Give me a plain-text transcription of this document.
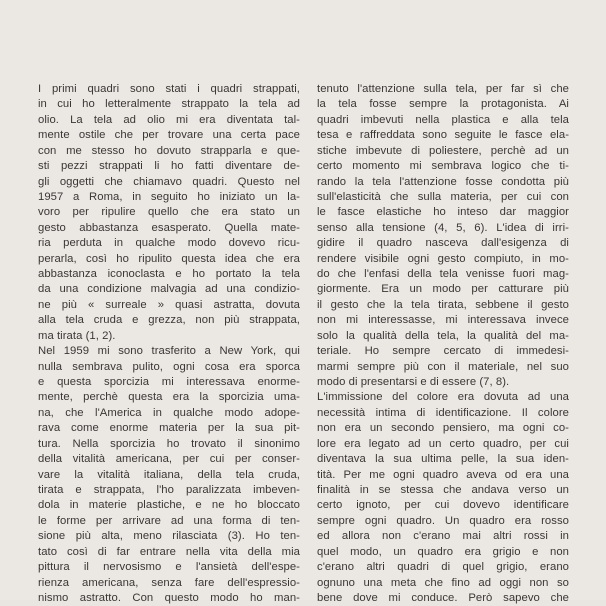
I primi quadri sono stati i quadri strappati,
in cui ho letteralmente strappato la tela ad
olio. La tela ad olio mi era diventata tal-
mente ostile che per trovare una certa pace
con me stesso ho dovuto strapparla e que-
sti pezzi strappati li ho fatti diventare de-
gli oggetti che chiamavo quadri. Questo nel
1957 a Roma, in seguito ho iniziato un la-
voro per ripulire quello che era stato un
gesto abbastanza esasperato. Quella mate-
ria perduta in qualche modo dovevo ricu-
perarla, così ho ripulito questa idea che era
abbastanza iconoclasta e ho portato la tela
da una condizione malvagia ad una condizio-
ne più « surreale » quasi astratta, dovuta
alla tela cruda e grezza, non più strappata,
ma tirata (1, 2).
Nel 1959 mi sono trasferito a New York, qui
nulla sembrava pulito, ogni cosa era sporca
e questa sporcizia mi interessava enorme-
mente, perchè questa era la sporcizia uma-
na, che l'America in qualche modo adope-
rava come enorme materia per la sua pit-
tura. Nella sporcizia ho trovato il sinonimo
della vitalità americana, per cui per conser-
vare la vitalità italiana, della tela cruda,
tirata e strappata, l'ho paralizzata imbeven-
dola in materie plastiche, e ne ho bloccato
le forme per arrivare ad una forma di ten-
sione più alta, meno rilasciata (3). Ho ten-
tato così di far entrare nella vita della mia
pittura il nervosismo e l'ansietà dell'espe-
rienza americana, senza fare dell'espressio-
nismo astratto. Con questo modo ho man-
tenuto l'attenzione sulla tela, per far sì che
la tela fosse sempre la protagonista. Ai
quadri imbevuti nella plastica e alla tela
tesa e raffreddata sono seguite le fasce ela-
stiche imbevute di poliestere, perchè ad un
certo momento mi sembrava logico che ti-
rando la tela l'attenzione fosse condotta più
sull'elasticità che sulla materia, per cui con
le fasce elastiche ho inteso dar maggior
senso alla tensione (4, 5, 6). L'idea di irri-
gidire il quadro nasceva dall'esigenza di
rendere visibile ogni gesto compiuto, in mo-
do che l'enfasi della tela venisse fuori mag-
giormente. Era un modo per catturare più
il gesto che la tela tirata, sebbene il gesto
non mi interessasse, mi interessava invece
solo la qualità della tela, la qualità del ma-
teriale. Ho sempre cercato di immedesi-
marmi sempre più con il materiale, nel suo
modo di presentarsi e di essere (7, 8).
L'immissione del colore era dovuta ad una
necessità intima di identificazione. Il colore
non era un secondo pensiero, ma ogni co-
lore era legato ad un certo quadro, per cui
diventava la sua ultima pelle, la sua iden-
tità. Per me ogni quadro aveva od era una
finalità in se stessa che andava verso un
certo ignoto, per cui dovevo identificare
sempre ogni quadro. Un quadro era rosso
ed allora non c'erano mai altri rossi in
quel modo, un quadro era grigio e non
c'erano altri quadri di quel grigio, erano
ognuno una meta che fino ad oggi non so
bene dove mi conduce. Però sapevo che
